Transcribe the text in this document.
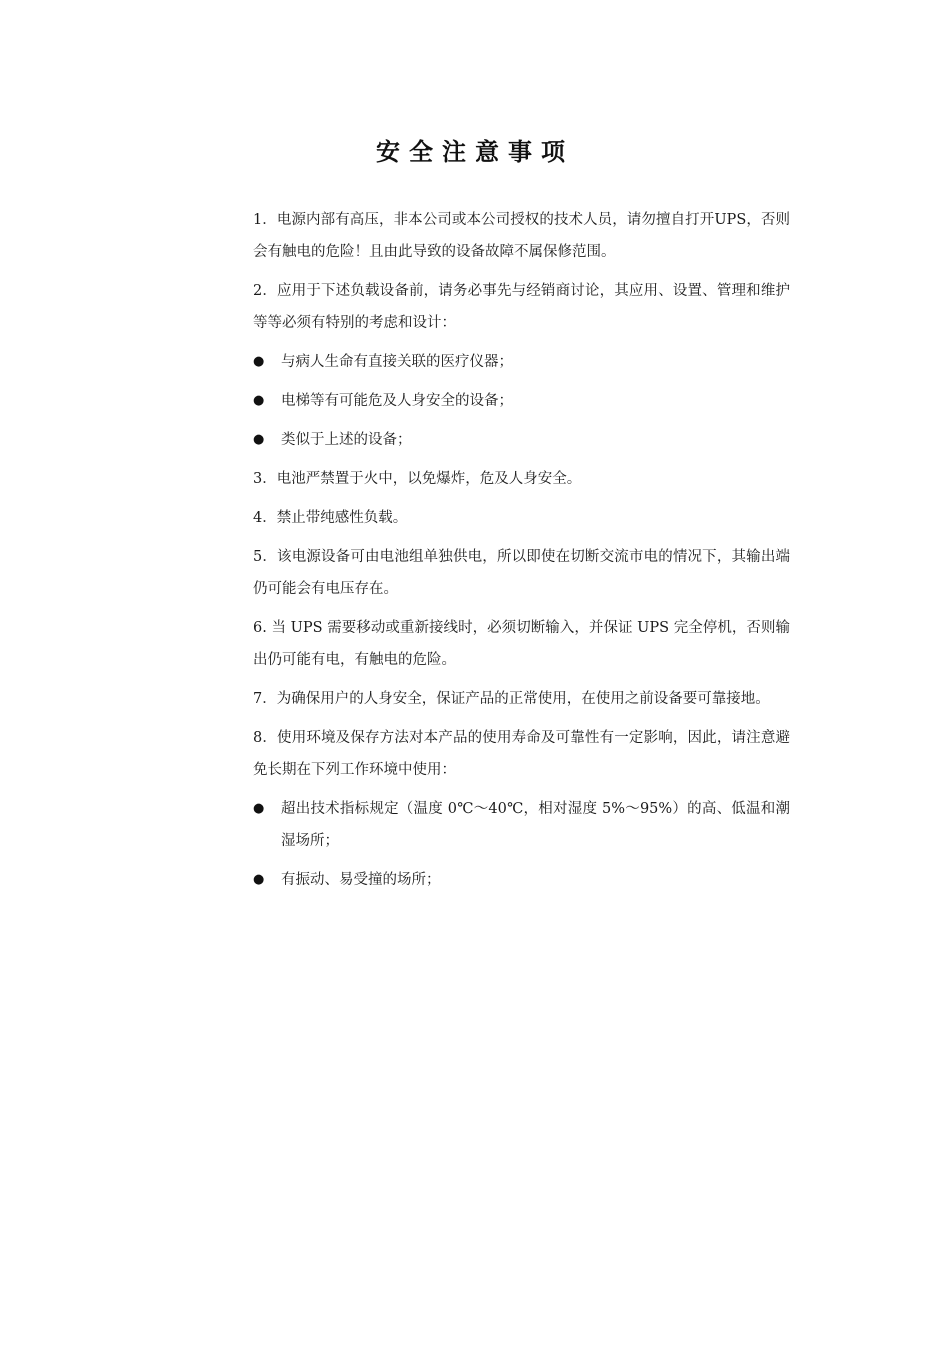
安全注意事项

1．电源内部有高压，非本公司或本公司授权的技术人员，请勿擅自打开UPS，否则会有触电的危险！且由此导致的设备故障不属保修范围。

2．应用于下述负载设备前，请务必事先与经销商讨论，其应用、设置、管理和维护等等必须有特别的考虑和设计：

●	与病人生命有直接关联的医疗仪器；
●	电梯等有可能危及人身安全的设备；
●	类似于上述的设备；

3．电池严禁置于火中，以免爆炸，危及人身安全。

4．禁止带纯感性负载。

5．该电源设备可由电池组单独供电，所以即使在切断交流市电的情况下，其输出端仍可能会有电压存在。

6. 当 UPS 需要移动或重新接线时，必须切断输入，并保证 UPS 完全停机，否则输出仍可能有电，有触电的危险。

7．为确保用户的人身安全，保证产品的正常使用，在使用之前设备要可靠接地。

8．使用环境及保存方法对本产品的使用寿命及可靠性有一定影响，因此，请注意避免长期在下列工作环境中使用：

●	超出技术指标规定（温度 0℃～40℃，相对湿度 5%～95%）的高、低温和潮湿场所；
●	有振动、易受撞的场所；
